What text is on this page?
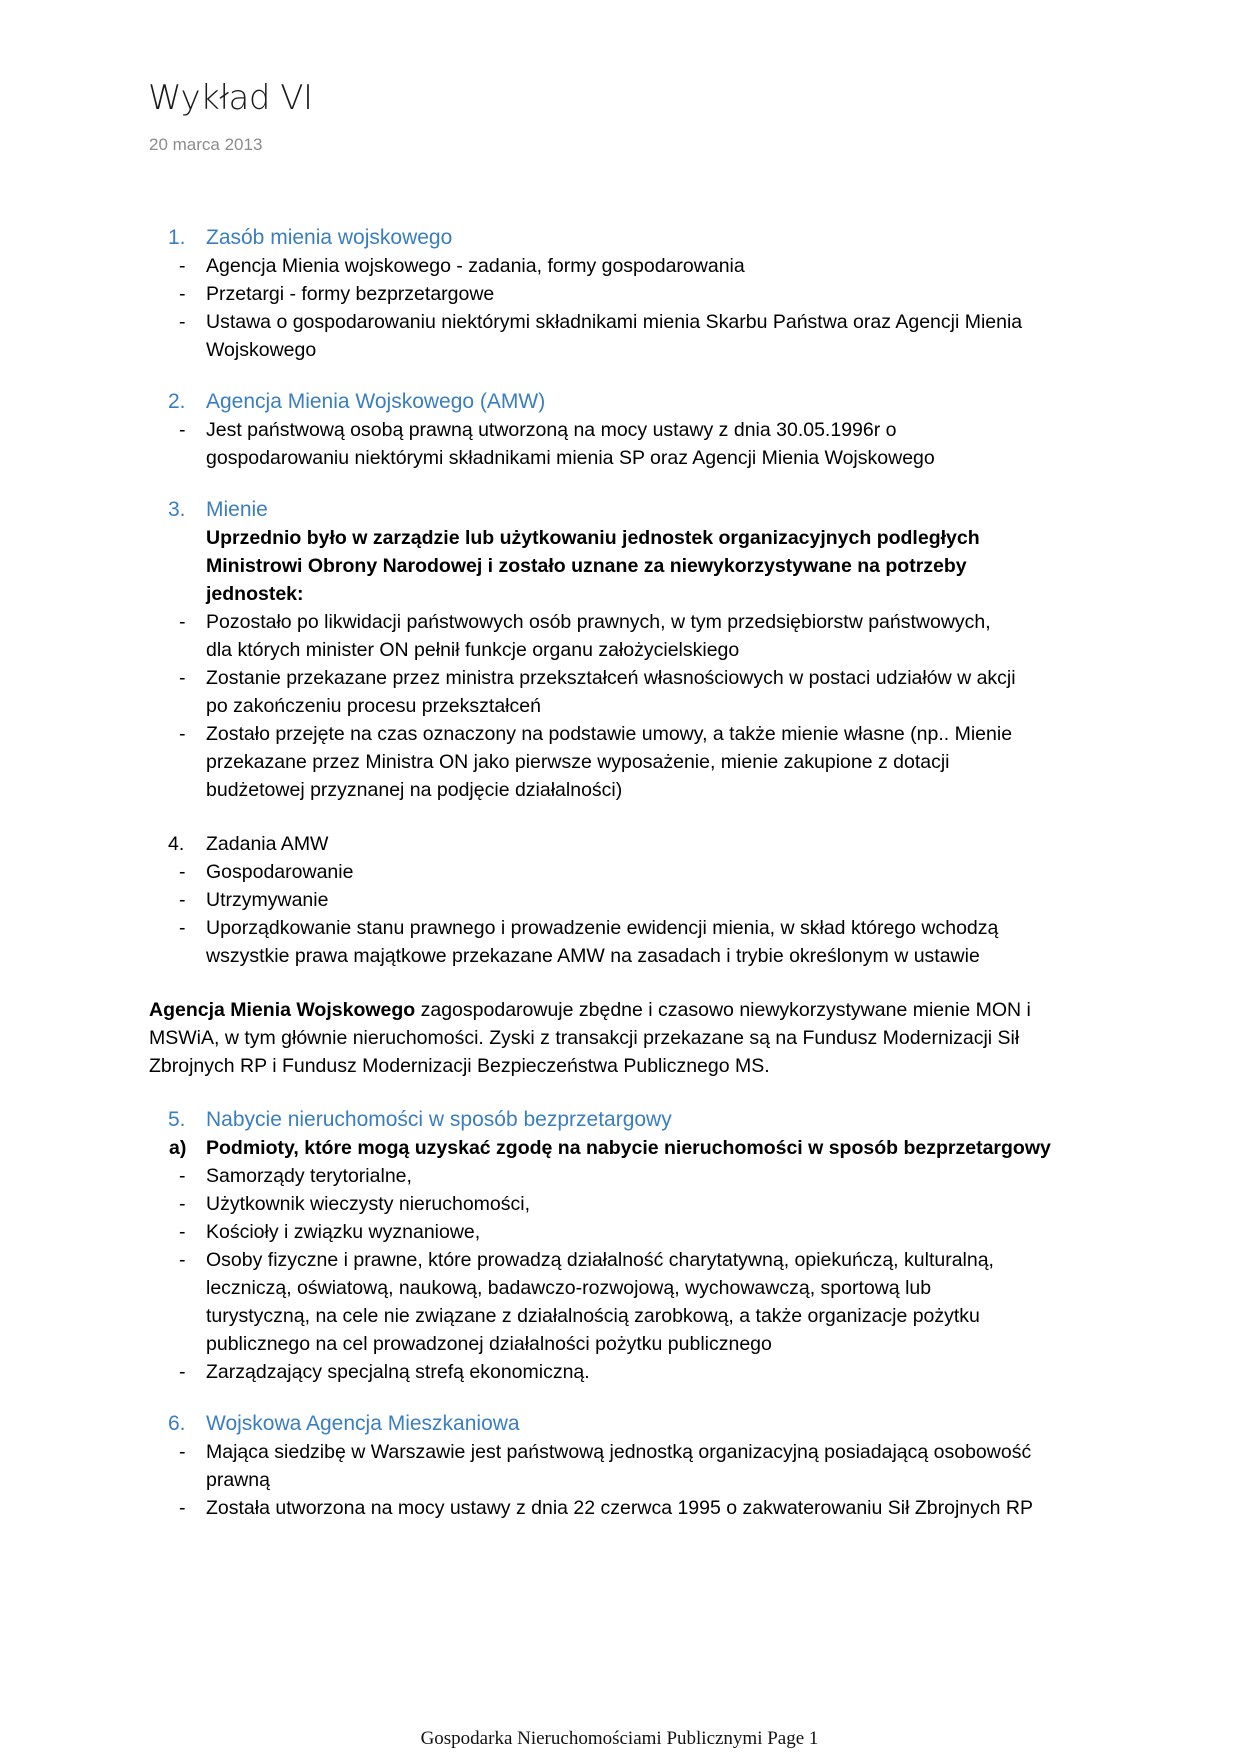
Wykład VI
20 marca 2013
1. Zasób mienia wojskowego
- Agencja Mienia wojskowego - zadania, formy gospodarowania
- Przetargi - formy bezprzetargowe
- Ustawa o gospodarowaniu niektórymi składnikami mienia Skarbu Państwa oraz Agencji Mienia
Wojskowego
2. Agencja Mienia Wojskowego (AMW)
- Jest państwową osobą prawną utworzoną na mocy ustawy z dnia 30.05.1996r o
gospodarowaniu niektórymi składnikami mienia SP oraz Agencji Mienia Wojskowego
3. Mienie
Uprzednio było w zarządzie lub użytkowaniu jednostek organizacyjnych podległych
Ministrowi Obrony Narodowej i zostało uznane za niewykorzystywane na potrzeby
jednostek:
- Pozostało po likwidacji państwowych osób prawnych, w tym przedsiębiorstw państwowych,
dla których minister ON pełnił funkcje organu założycielskiego
- Zostanie przekazane przez ministra przekształceń własnościowych w postaci udziałów w akcji
po zakończeniu procesu przekształceń
- Zostało przejęte na czas oznaczony na podstawie umowy, a także mienie własne (np.. Mienie
przekazane przez Ministra ON jako pierwsze wyposażenie, mienie zakupione z dotacji
budżetowej przyznanej na podjęcie działalności)
4.	Zadania AMW
- Gospodarowanie
- Utrzymywanie
- Uporządkowanie stanu prawnego i prowadzenie ewidencji mienia, w skład którego wchodzą
wszystkie prawa majątkowe przekazane AMW na zasadach i trybie określonym w ustawie
Agencja Mienia Wojskowego zagospodarowuje zbędne i czasowo niewykorzystywane mienie MON i
MSWiA, w tym głównie nieruchomości. Zyski z transakcji przekazane są na Fundusz Modernizacji Sił
Zbrojnych RP i Fundusz Modernizacji Bezpieczeństwa Publicznego MS.
5. Nabycie nieruchomości w sposób bezprzetargowy
a) Podmioty, które mogą uzyskać zgodę na nabycie nieruchomości w sposób bezprzetargowy
- Samorządy terytorialne,
- Użytkownik wieczysty nieruchomości,
- Kościoły i związku wyznaniowe,
- Osoby fizyczne i prawne, które prowadzą działalność charytatywną, opiekuńczą, kulturalną,
leczniczą, oświatową, naukową, badawczo-rozwojową, wychowawczą, sportową lub
turystyczną, na cele nie związane z działalnością zarobkową, a także organizacje pożytku
publicznego na cel prowadzonej działalności pożytku publicznego
- Zarządzający specjalną strefą ekonomiczną.
6. Wojskowa Agencja Mieszkaniowa
- Mająca siedzibę w Warszawie jest państwową jednostką organizacyjną posiadającą osobowość
prawną
- Została utworzona na mocy ustawy z dnia 22 czerwca 1995 o zakwaterowaniu Sił Zbrojnych RP
Gospodarka Nieruchomościami Publicznymi Page 1
